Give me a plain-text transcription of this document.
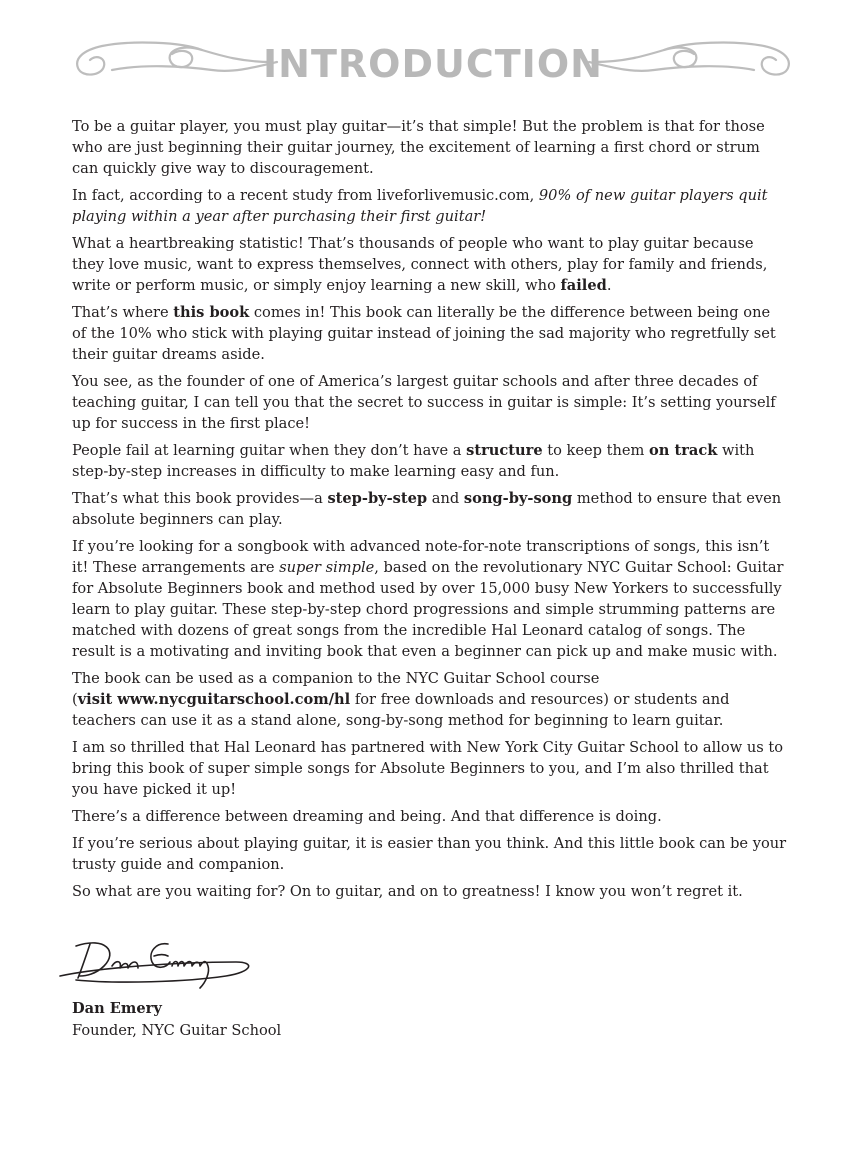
INTRODUCTION

To be a guitar player, you must play guitar—it’s that simple! But the problem is that for those who are just beginning their guitar journey, the excitement of learning a first chord or strum can quickly give way to discouragement.

In fact, according to a recent study from liveforlivemusic.com, 90% of new guitar players quit playing within a year after purchasing their first guitar!

What a heartbreaking statistic! That’s thousands of people who want to play guitar because they love music, want to express themselves, connect with others, play for family and friends, write or perform music, or simply enjoy learning a new skill, who failed.

That’s where this book comes in! This book can literally be the difference between being one of the 10% who stick with playing guitar instead of joining the sad majority who regretfully set their guitar dreams aside.

You see, as the founder of one of America’s largest guitar schools and after three decades of teaching guitar, I can tell you that the secret to success in guitar is simple: It’s setting yourself up for success in the first place!

People fail at learning guitar when they don’t have a structure to keep them on track with step-by-step increases in difficulty to make learning easy and fun.

That’s what this book provides—a step-by-step and song-by-song method to ensure that even absolute beginners can play.

If you’re looking for a songbook with advanced note-for-note transcriptions of songs, this isn’t it! These arrangements are super simple, based on the revolutionary NYC Guitar School: Guitar for Absolute Beginners book and method used by over 15,000 busy New Yorkers to successfully learn to play guitar. These step-by-step chord progressions and simple strumming patterns are matched with dozens of great songs from the incredible Hal Leonard catalog of songs. The result is a motivating and inviting book that even a beginner can pick up and make music with.

The book can be used as a companion to the NYC Guitar School course
(visit www.nycguitarschool.com/hl for free downloads and resources) or students and
teachers can use it as a stand alone, song-by-song method for beginning to learn guitar.

I am so thrilled that Hal Leonard has partnered with New York City Guitar School to allow us to bring this book of super simple songs for Absolute Beginners to you, and I’m also thrilled that you have picked it up!

There’s a difference between dreaming and being. And that difference is doing.

If you’re serious about playing guitar, it is easier than you think. And this little book can be your trusty guide and companion.

So what are you waiting for? On to guitar, and on to greatness! I know you won’t regret it.

Dan Emery
Founder, NYC Guitar School
